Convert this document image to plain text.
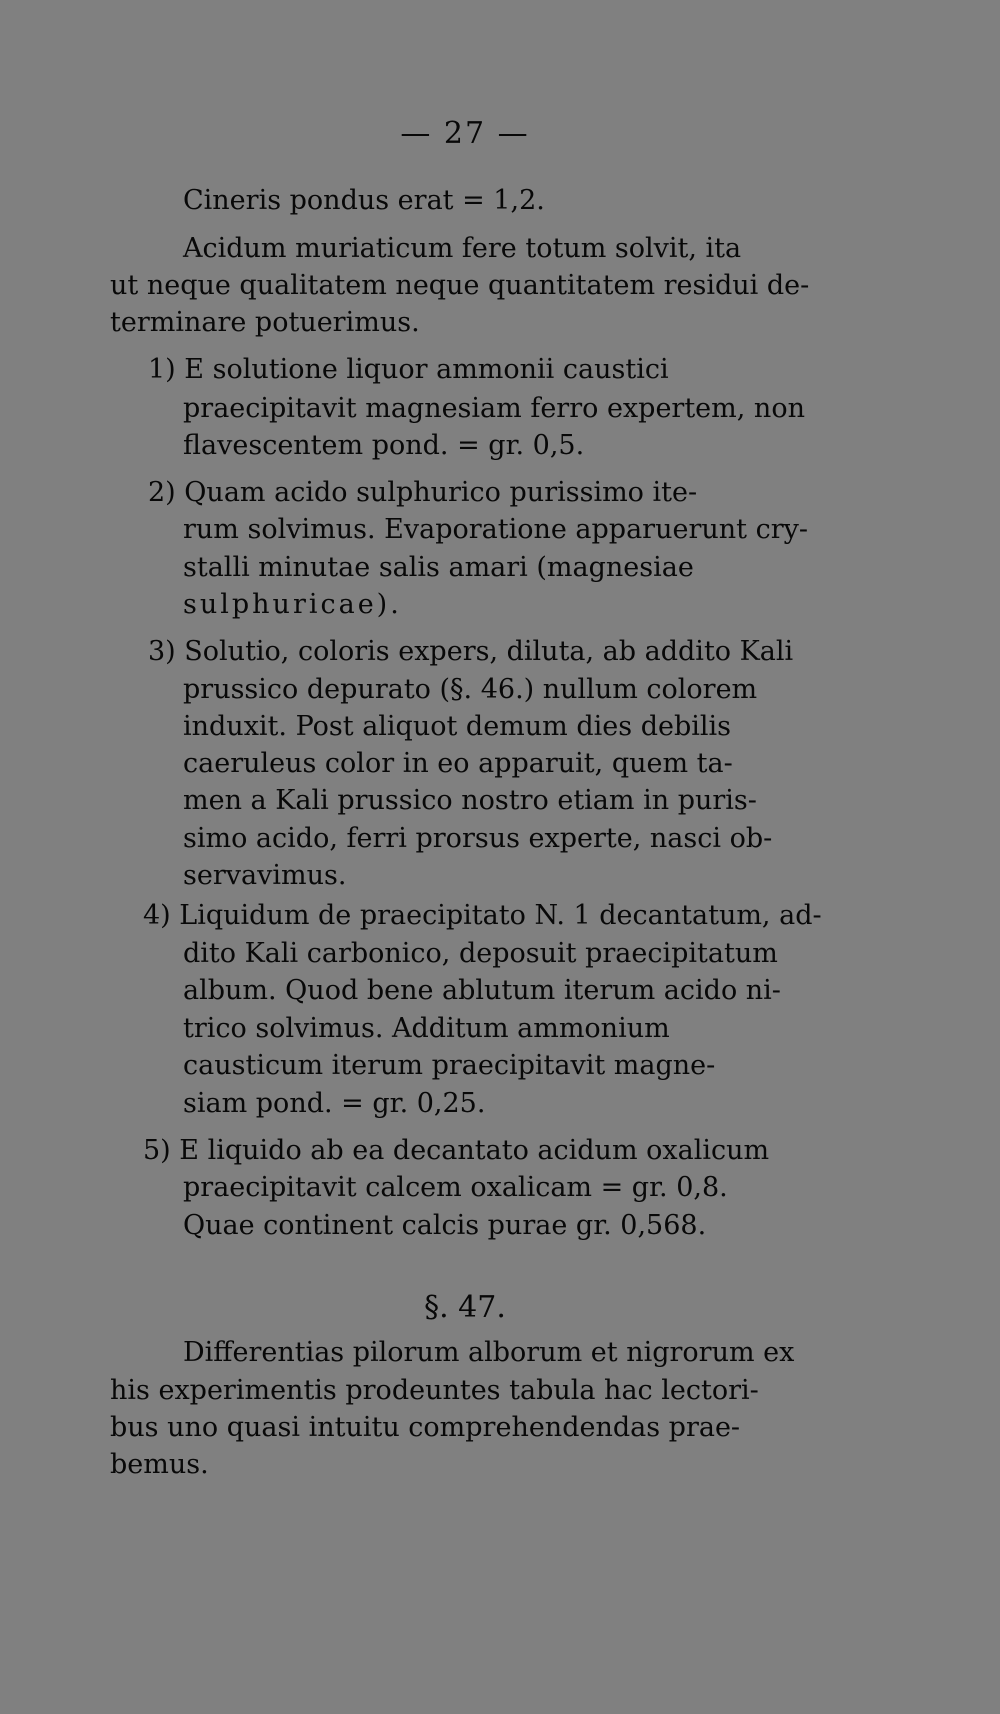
— 27 —
Cineris pondus erat = 1,2.
Acidum muriaticum fere totum solvit, ita
ut neque qualitatem neque quantitatem residui de-
terminare potuerimus.
1) E solutione liquor ammonii caustici
praecipitavit magnesiam ferro expertem, non
flavescentem pond. = gr. 0,5.
2) Quam acido sulphurico purissimo ite-
rum solvimus. Evaporatione apparuerunt cry-
stalli minutae salis amari (magnesiae
sulphuricae).
3) Solutio, coloris expers, diluta, ab addito Kali
prussico depurato (§. 46.) nullum colorem
induxit. Post aliquot demum dies debilis
caeruleus color in eo apparuit, quem ta-
men a Kali prussico nostro etiam in puris-
simo acido, ferri prorsus experte, nasci ob-
servavimus.
4) Liquidum de praecipitato N. 1 decantatum, ad-
dito Kali carbonico, deposuit praecipitatum
album. Quod bene ablutum iterum acido ni-
trico solvimus. Additum ammonium
causticum iterum praecipitavit magne-
siam pond. = gr. 0,25.
5) E liquido ab ea decantato acidum oxalicum
praecipitavit calcem oxalicam = gr. 0,8.
Quae continent calcis purae gr. 0,568.
§. 47.
Differentias pilorum alborum et nigrorum ex
his experimentis prodeuntes tabula hac lectori-
bus uno quasi intuitu comprehendendas prae-
bemus.
